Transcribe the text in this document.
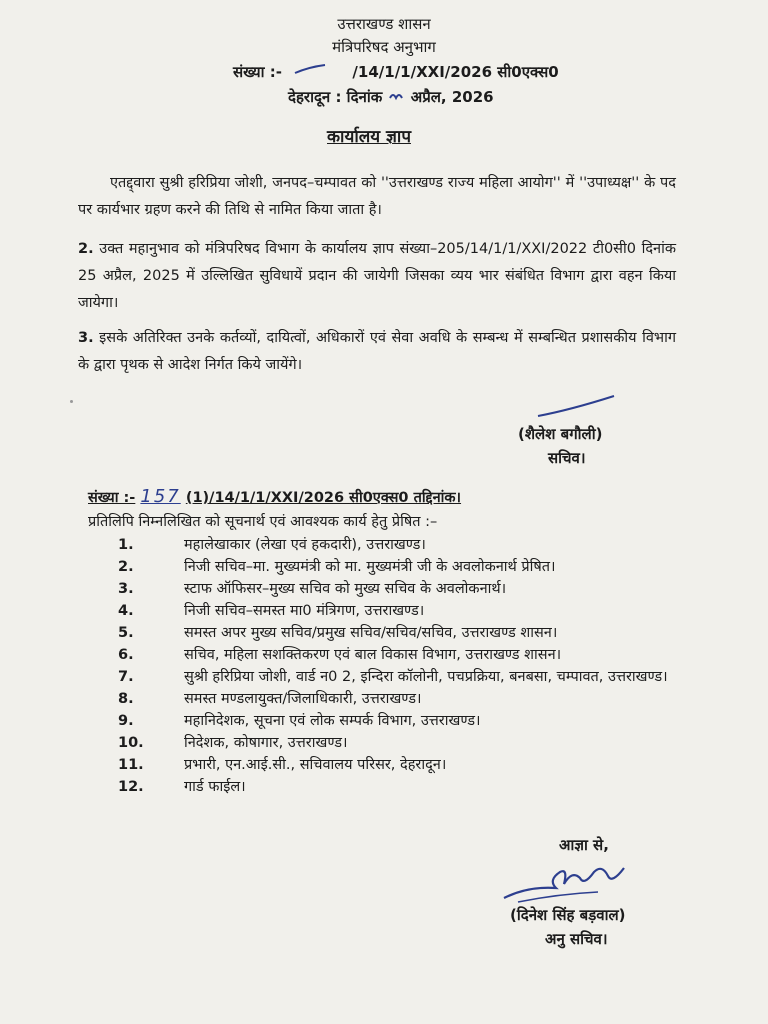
उत्तराखण्ड शासन
मंत्रिपरिषद अनुभाग
संख्या :-	/14/1/1/XXI/2026 सी0एक्स0
देहरादून : दिनांक अप्रैल, 2026
कार्यालय ज्ञाप
एतद्द्वारा सुश्री हरिप्रिया जोशी, जनपद–चम्पावत को ''उत्तराखण्ड राज्य महिला आयोग'' में ''उपाध्यक्ष'' के पद पर कार्यभार ग्रहण करने की तिथि से नामित किया जाता है।
2. उक्त महानुभाव को मंत्रिपरिषद विभाग के कार्यालय ज्ञाप संख्या–205/14/1/1/XXI/2022 टी0सी0 दिनांक 25 अप्रैल, 2025 में उल्लिखित सुविधायें प्रदान की जायेगी जिसका व्यय भार संबंधित विभाग द्वारा वहन किया जायेगा।
3. इसके अतिरिक्त उनके कर्तव्यों, दायित्वों, अधिकारों एवं सेवा अवधि के सम्बन्ध में सम्बन्धित प्रशासकीय विभाग के द्वारा पृथक से आदेश निर्गत किये जायेंगे।
(शैलेश बगौली)
सचिव।
संख्या :- 157 (1)/14/1/1/XXI/2026 सी0एक्स0 तद्दिनांक।
प्रतिलिपि निम्नलिखित को सूचनार्थ एवं आवश्यक कार्य हेतु प्रेषित :–
1.	महालेखाकार (लेखा एवं हकदारी), उत्तराखण्ड।
2.	निजी सचिव–मा. मुख्यमंत्री को मा. मुख्यमंत्री जी के अवलोकनार्थ प्रेषित।
3.	स्टाफ ऑफिसर–मुख्य सचिव को मुख्य सचिव के अवलोकनार्थ।
4.	निजी सचिव–समस्त मा0 मंत्रिगण, उत्तराखण्ड।
5.	समस्त अपर मुख्य सचिव/प्रमुख सचिव/सचिव/सचिव, उत्तराखण्ड शासन।
6.	सचिव, महिला सशक्तिकरण एवं बाल विकास विभाग, उत्तराखण्ड शासन।
7.	सुश्री हरिप्रिया जोशी, वार्ड न0 2, इन्दिरा कॉलोनी, पचप्रक्रिया, बनबसा, चम्पावत, उत्तराखण्ड।
8.	समस्त मण्डलायुक्त/जिलाधिकारी, उत्तराखण्ड।
9.	महानिदेशक, सूचना एवं लोक सम्पर्क विभाग, उत्तराखण्ड।
10.	निदेशक, कोषागार, उत्तराखण्ड।
11.	प्रभारी, एन.आई.सी., सचिवालय परिसर, देहरादून।
12.	गार्ड फाईल।
आज्ञा से,
(दिनेश सिंह बड़वाल)
अनु सचिव।
